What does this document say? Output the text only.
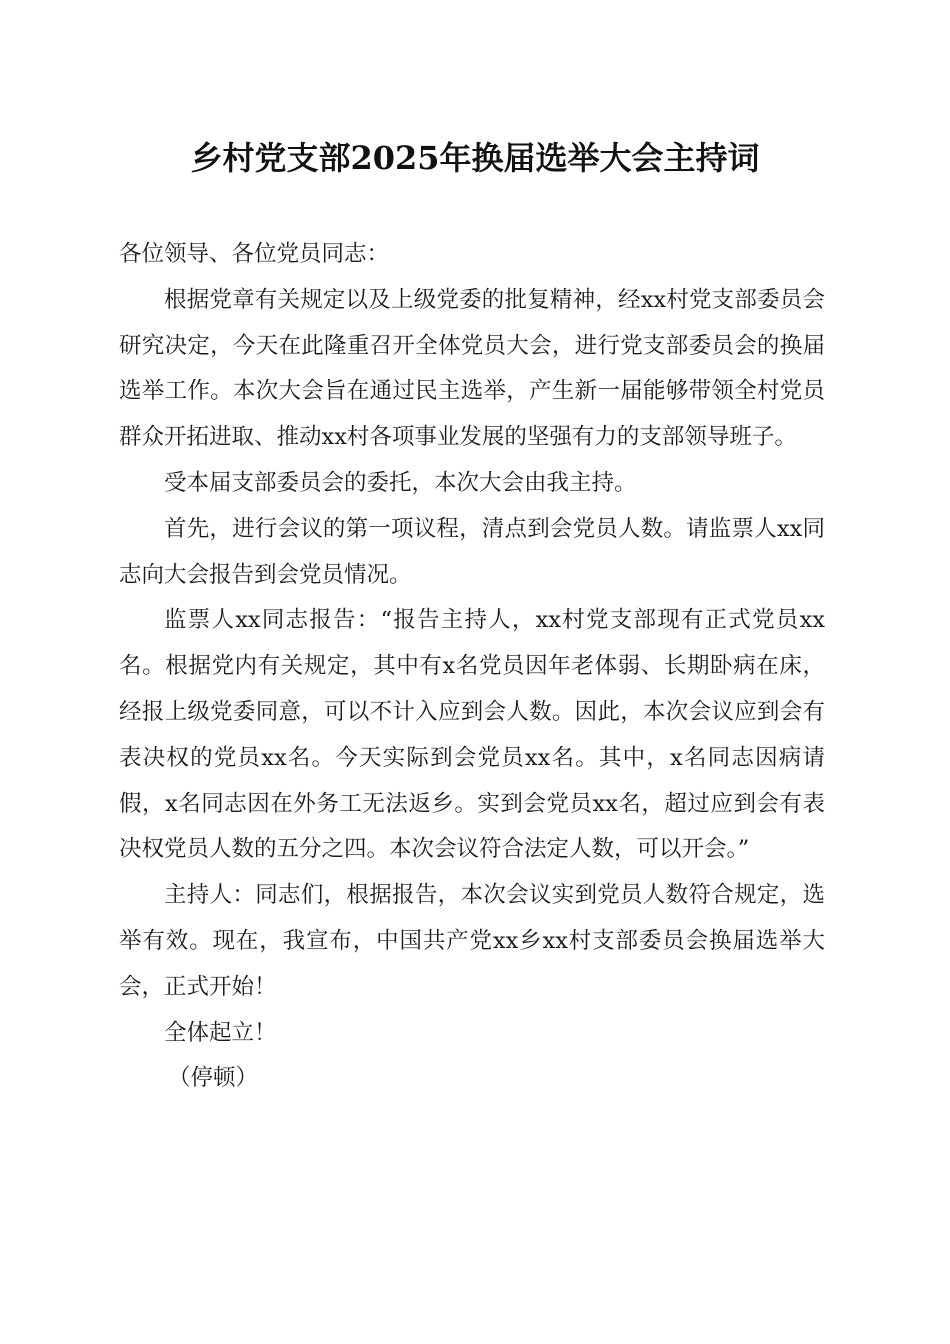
乡村党支部2025年换届选举大会主持词

各位领导、各位党员同志：

根据党章有关规定以及上级党委的批复精神，经xx村党支部委员会研究决定，今天在此隆重召开全体党员大会，进行党支部委员会的换届选举工作。本次大会旨在通过民主选举，产生新一届能够带领全村党员群众开拓进取、推动xx村各项事业发展的坚强有力的支部领导班子。

受本届支部委员会的委托，本次大会由我主持。

首先，进行会议的第一项议程，清点到会党员人数。请监票人xx同志向大会报告到会党员情况。

监票人xx同志报告：“报告主持人，xx村党支部现有正式党员xx名。根据党内有关规定，其中有x名党员因年老体弱、长期卧病在床，经报上级党委同意，可以不计入应到会人数。因此，本次会议应到会有表决权的党员xx名。今天实际到会党员xx名。其中，x名同志因病请假，x名同志因在外务工无法返乡。实到会党员xx名，超过应到会有表决权党员人数的五分之四。本次会议符合法定人数，可以开会。”

主持人：同志们，根据报告，本次会议实到党员人数符合规定，选举有效。现在，我宣布，中国共产党xx乡xx村支部委员会换届选举大会，正式开始！

全体起立！

（停顿）
